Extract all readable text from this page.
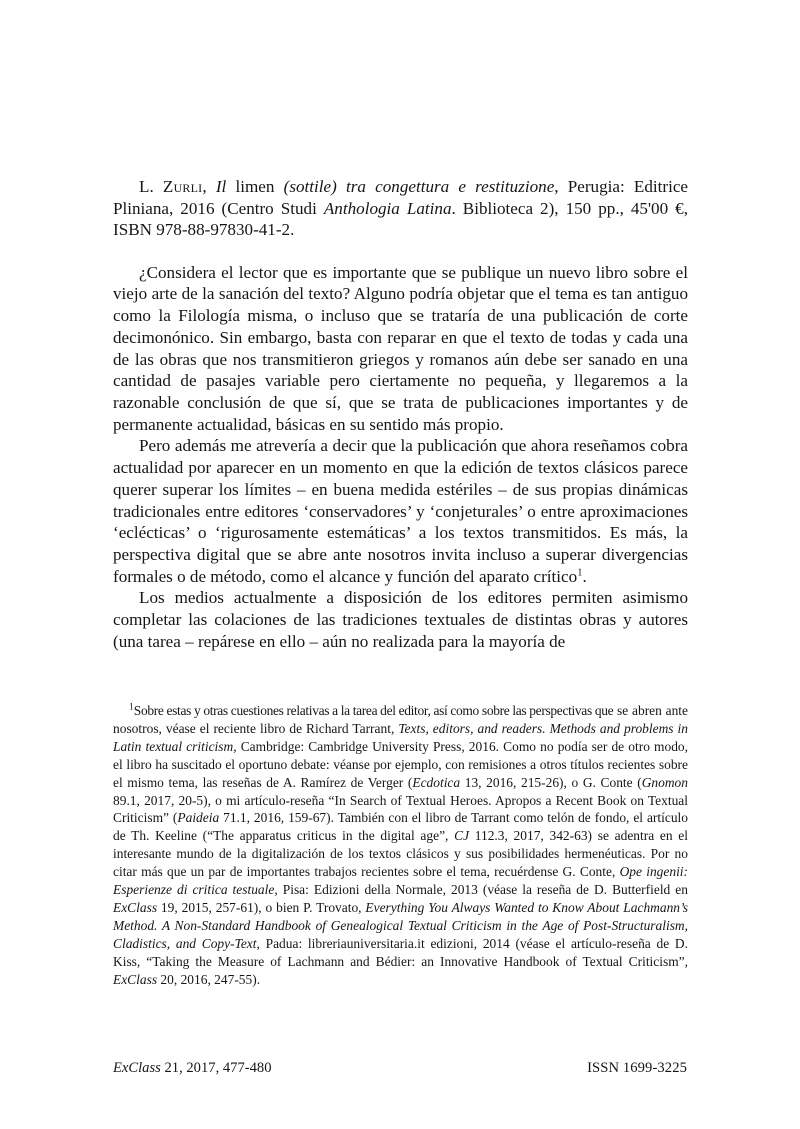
L. Zurli, Il limen (sottile) tra congettura e restituzione, Perugia: Editrice Pliniana, 2016 (Centro Studi Anthologia Latina. Biblioteca 2), 150 pp., 45'00 €, ISBN 978-88-97830-41-2.

¿Considera el lector que es importante que se publique un nuevo libro sobre el viejo arte de la sanación del texto? Alguno podría objetar que el tema es tan antiguo como la Filología misma, o incluso que se trataría de una publicación de corte decimonónico. Sin embargo, basta con reparar en que el texto de todas y cada una de las obras que nos transmitieron griegos y romanos aún debe ser sanado en una cantidad de pasajes variable pero ciertamente no pequeña, y llegaremos a la razonable conclusión de que sí, que se trata de publicaciones importantes y de permanente actualidad, básicas en su sentido más propio.

Pero además me atrevería a decir que la publicación que ahora reseñamos cobra actualidad por aparecer en un momento en que la edición de textos clásicos parece querer superar los límites – en buena medida estériles – de sus propias dinámicas tradicionales entre editores ‘conservadores’ y ‘conjeturales’ o entre aproximaciones ‘eclécticas’ o ‘rigurosamente estemáticas’ a los textos transmitidos. Es más, la perspectiva digital que se abre ante nosotros invita incluso a superar divergencias formales o de método, como el alcance y función del aparato crítico$^1$.

Los medios actualmente a disposición de los editores permiten asimismo completar las colaciones de las tradiciones textuales de distintas obras y autores (una tarea – repárese en ello – aún no realizada para la mayoría de

$^1$Sobre estas y otras cuestiones relativas a la tarea del editor, así como sobre las perspectivas que se abren ante nosotros, véase el reciente libro de Richard Tarrant, Texts, editors, and readers. Methods and problems in Latin textual criticism, Cambridge: Cambridge University Press, 2016. Como no podía ser de otro modo, el libro ha suscitado el oportuno debate: véanse por ejemplo, con remisiones a otros títulos recientes sobre el mismo tema, las reseñas de A. Ramírez de Verger (Ecdotica 13, 2016, 215-26), o G. Conte (Gnomon 89.1, 2017, 20-5), o mi artículo-reseña “In Search of Textual Heroes. Apropos a Recent Book on Textual Criticism” (Paideia 71.1, 2016, 159-67). También con el libro de Tarrant como telón de fondo, el artículo de Th. Keeline (“The apparatus criticus in the digital age”, CJ 112.3, 2017, 342-63) se adentra en el interesante mundo de la digitalización de los textos clásicos y sus posibilidades hermenéuticas. Por no citar más que un par de importantes trabajos recientes sobre el tema, recuérdense G. Conte, Ope ingenii: Esperienze di critica testuale, Pisa: Edizioni della Normale, 2013 (véase la reseña de D. Butterfield en ExClass 19, 2015, 257-61), o bien P. Trovato, Everything You Always Wanted to Know About Lachmann’s Method. A Non-Standard Handbook of Genealogical Textual Criticism in the Age of Post-Structuralism, Cladistics, and Copy-Text, Padua: libreriauniversitaria.it edizioni, 2014 (véase el artículo-reseña de D. Kiss, “Taking the Measure of Lachmann and Bédier: an Innovative Handbook of Textual Criticism”, ExClass 20, 2016, 247-55).

ExClass 21, 2017, 477-480	ISSN 1699-3225
